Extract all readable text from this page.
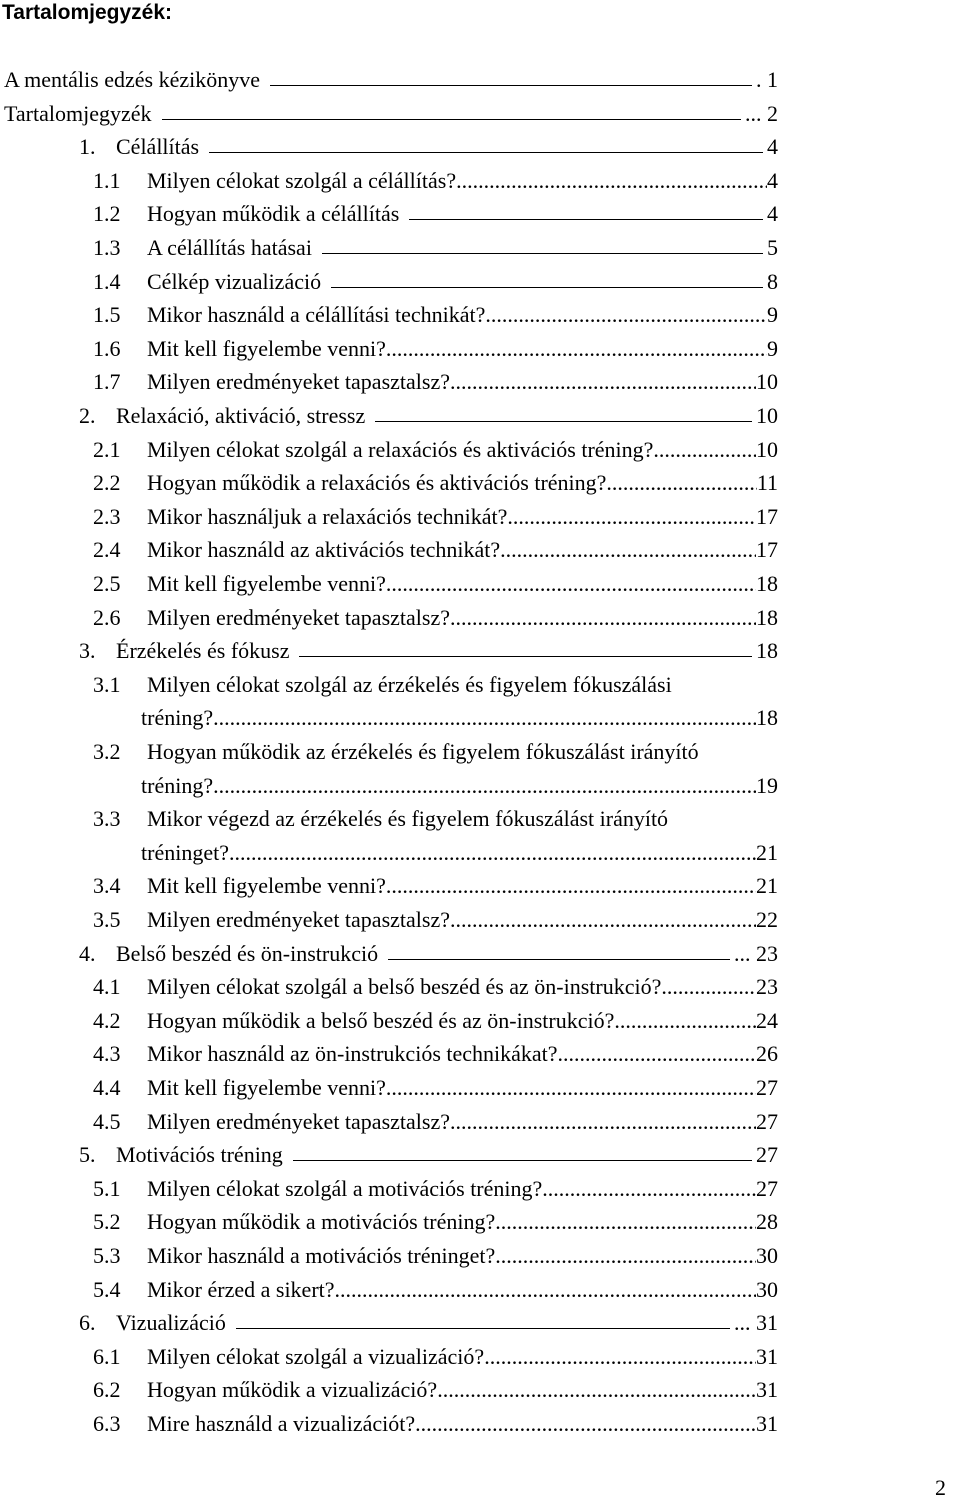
Tartalomjegyzék:
A mentális edzés kézikönyve	. 1
Tartalomjegyzék	... 2
1. Célállítás	4
1.1 Milyen célokat szolgál a célállítás? .....	4
1.2 Hogyan működik a célállítás	4
1.3 A célállítás hatásai	5
1.4 Célkép vizualizáció	8
1.5 Mikor használd a célállítási technikát? .....	9
1.6 Mit kell figyelembe venni? .....	9
1.7 Milyen eredményeket tapasztalsz? .....	10
2. Relaxáció, aktiváció, stressz	10
2.1 Milyen célokat szolgál a relaxációs és aktivációs tréning? .....	10
2.2 Hogyan működik a relaxációs és aktivációs tréning? .....	11
2.3 Mikor használjuk a relaxációs technikát? .....	17
2.4 Mikor használd az aktivációs technikát? .....	17
2.5 Mit kell figyelembe venni? .....	18
2.6 Milyen eredményeket tapasztalsz? .....	18
3. Érzékelés és fókusz	18
3.1 Milyen célokat szolgál az érzékelés és figyelem fókuszálási
tréning? .....	18
3.2 Hogyan működik az érzékelés és figyelem fókuszálást irányító
tréning? .....	19
3.3 Mikor végezd az érzékelés és figyelem fókuszálást irányító
tréninget? .....	21
3.4 Mit kell figyelembe venni? .....	21
3.5 Milyen eredményeket tapasztalsz? .....	22
4. Belső beszéd és ön-instrukció	... 23
4.1 Milyen célokat szolgál a belső beszéd és az ön-instrukció? .....	23
4.2 Hogyan működik a belső beszéd és az ön-instrukció? .....	24
4.3 Mikor használd az ön-instrukciós technikákat? .....	26
4.4 Mit kell figyelembe venni? .....	27
4.5 Milyen eredményeket tapasztalsz? .....	27
5. Motivációs tréning	27
5.1 Milyen célokat szolgál a motivációs tréning? .....	27
5.2 Hogyan működik a motivációs tréning? .....	28
5.3 Mikor használd a motivációs tréninget? .....	30
5.4 Mikor érzed a sikert? .....	30
6. Vizualizáció	... 31
6.1 Milyen célokat szolgál a vizualizáció? .....	31
6.2 Hogyan működik a vizualizáció? .....	31
6.3 Mire használd a vizualizációt? .....	31
2
